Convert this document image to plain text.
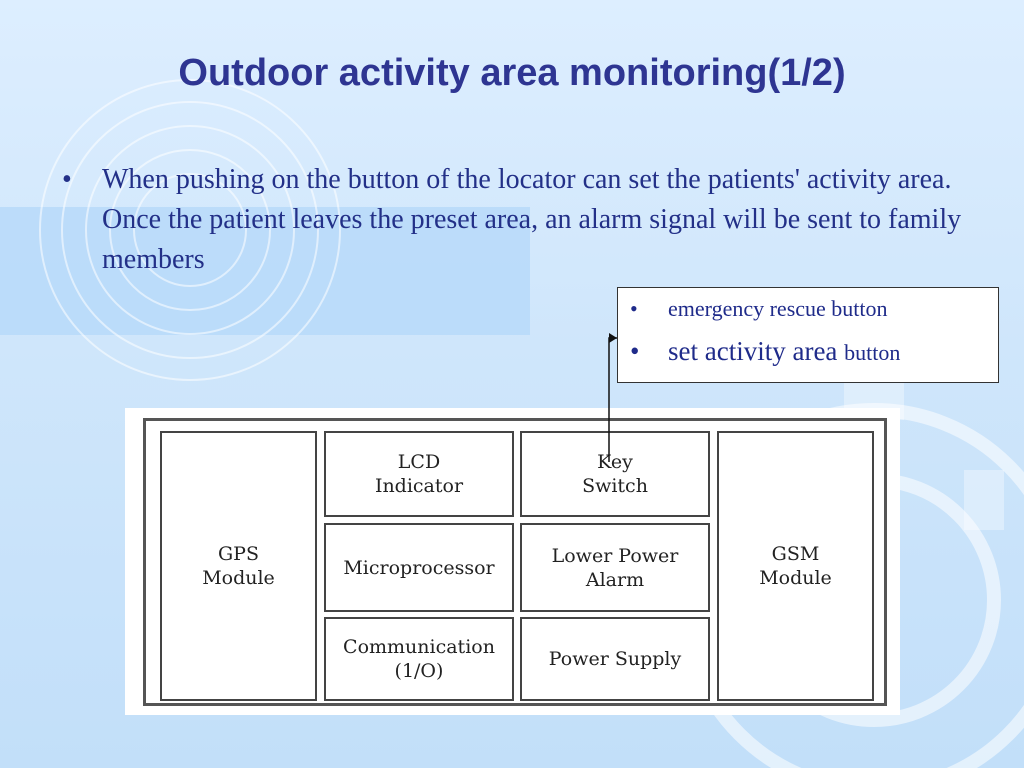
Outdoor activity area monitoring(1/2)
•	When pushing on the button of the locator can set the patients' activity area. Once the patient leaves the preset area, an alarm signal will be sent to family members
•	emergency rescue button
•	set activity area button
GPS
Module
LCD
Indicator
Key
Switch
Microprocessor
Lower Power
Alarm
Communication
(1/O)
Power Supply
GSM
Module
